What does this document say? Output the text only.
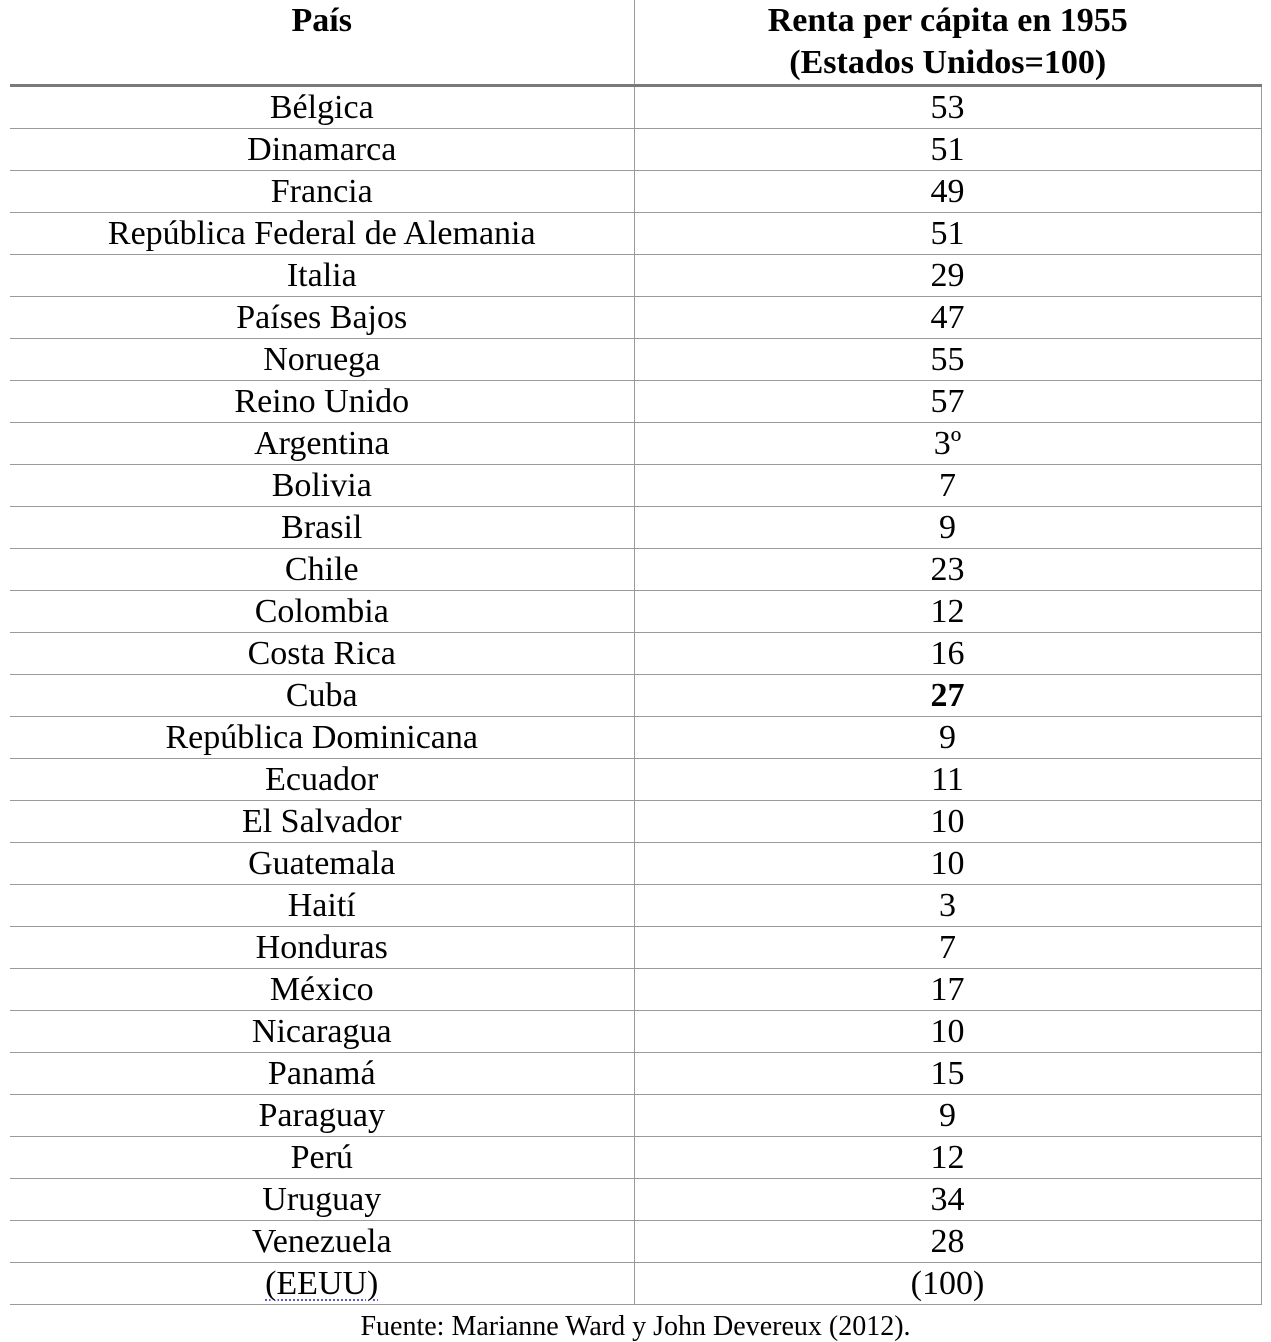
País	Renta per cápita en 1955
(Estados Unidos=100)

Bélgica	53
Dinamarca	51
Francia	49
República Federal de Alemania	51
Italia	29
Países Bajos	47
Noruega	55
Reino Unido	57
Argentina	3º
Bolivia	7
Brasil	9
Chile	23
Colombia	12
Costa Rica	16
Cuba	27
República Dominicana	9
Ecuador	11
El Salvador	10
Guatemala	10
Haití	3
Honduras	7
México	17
Nicaragua	10
Panamá	15
Paraguay	9
Perú	12
Uruguay	34
Venezuela	28
(EEUU)	(100)
Fuente: Marianne Ward y John Devereux (2012).
